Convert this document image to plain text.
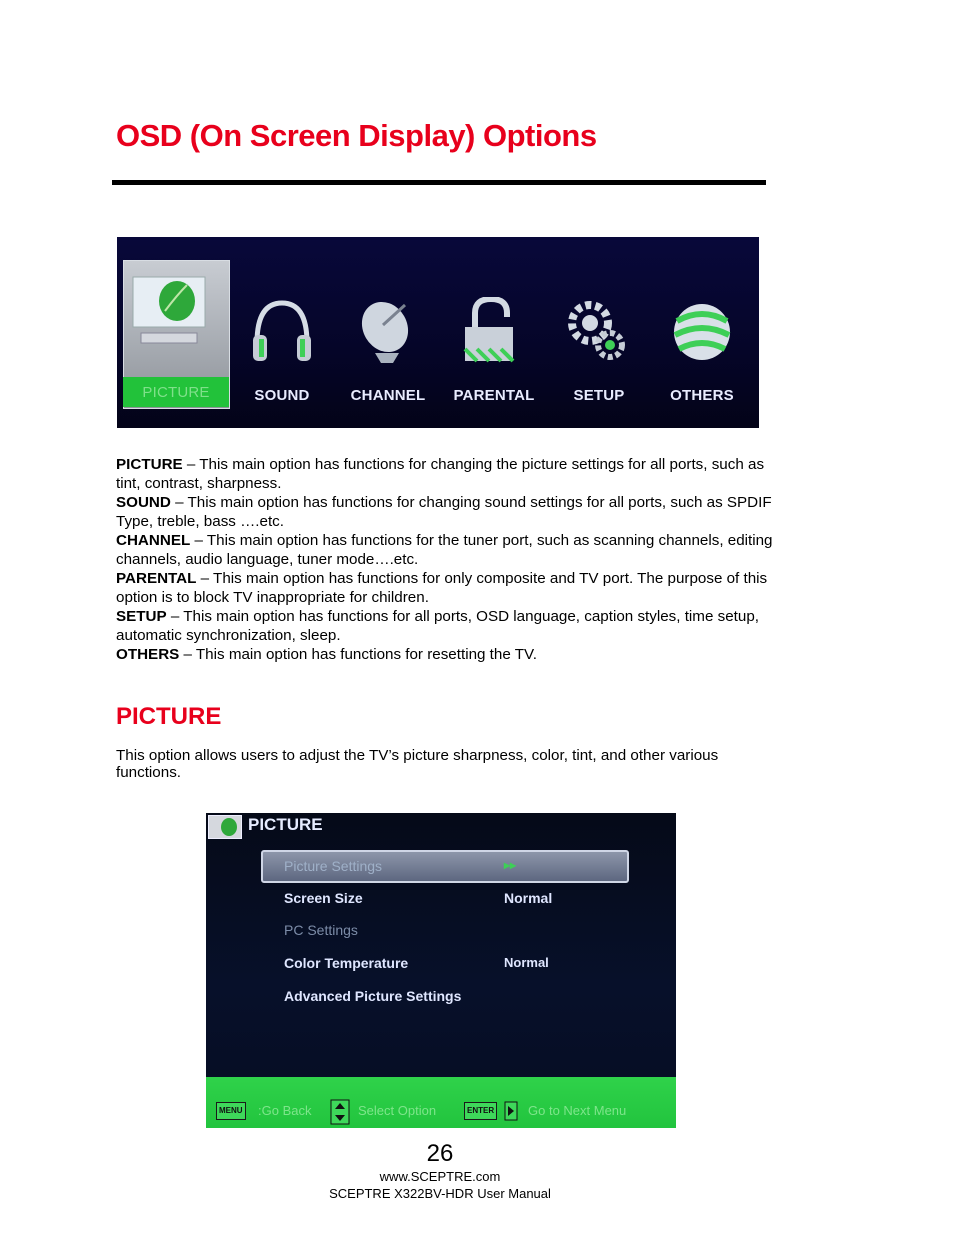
OSD (On Screen Display) Options
PICTURE	SOUND	CHANNEL	PARENTAL	SETUP	OTHERS

PICTURE – This main option has functions for changing the picture settings for all ports, such as tint, contrast, sharpness.

SOUND – This main option has functions for changing sound settings for all ports, such as SPDIF Type, treble, bass ….etc.

CHANNEL – This main option has functions for the tuner port, such as scanning channels, editing channels, audio language, tuner mode….etc.

PARENTAL – This main option has functions for only composite and TV port. The purpose of this option is to block TV inappropriate for children.

SETUP – This main option has functions for all ports, OSD language, caption styles, time setup, automatic synchronization, sleep.

OTHERS – This main option has functions for resetting the TV.

PICTURE
This option allows users to adjust the TV’s picture sharpness, color, tint, and other various functions.
PICTURE
Picture Settings	▸▸
Screen Size	Normal
PC Settings
Color Temperature	Normal
Advanced Picture Settings
MENU :Go Back	Select Option	ENTER	Go to Next Menu
26
www.SCEPTRE.com
SCEPTRE X322BV-HDR User Manual
